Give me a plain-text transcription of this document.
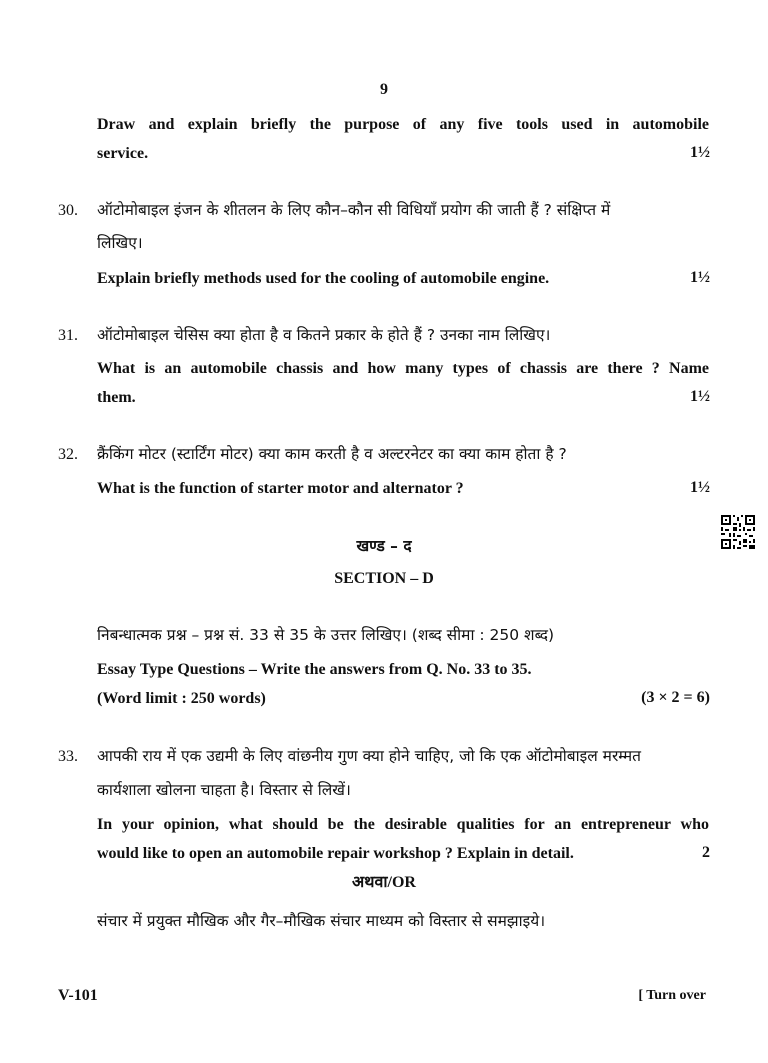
9
Draw and explain briefly the purpose of any five tools used in automobile
service.	1½
30. ऑटोमोबाइल इंजन के शीतलन के लिए कौन–कौन सी विधियाँ प्रयोग की जाती हैं ? संक्षिप्त में
लिखिए।
Explain briefly methods used for the cooling of automobile engine.	1½
31. ऑटोमोबाइल चेसिस क्या होता है व कितने प्रकार के होते हैं ? उनका नाम लिखिए।
What is an automobile chassis and how many types of chassis are there ? Name
them.	1½
32. क्रैंकिंग मोटर (स्टार्टिंग मोटर) क्या काम करती है व अल्टरनेटर का क्या काम होता है ?
What is the function of starter motor and alternator ?	1½
खण्ड – द
SECTION – D
निबन्धात्मक प्रश्न – प्रश्न सं. 33 से 35 के उत्तर लिखिए। (शब्द सीमा : 250 शब्द)
Essay Type Questions – Write the answers from Q. No. 33 to 35.
(Word limit : 250 words)	(3 × 2 = 6)
33. आपकी राय में एक उद्यमी के लिए वांछनीय गुण क्या होने चाहिए, जो कि एक ऑटोमोबाइल मरम्मत
कार्यशाला खोलना चाहता है। विस्तार से लिखें।
In your opinion, what should be the desirable qualities for an entrepreneur who
would like to open an automobile repair workshop ? Explain in detail.	2
अथवा/OR
संचार में प्रयुक्त मौखिक और गैर–मौखिक संचार माध्यम को विस्तार से समझाइये।
V-101	[ Turn over
